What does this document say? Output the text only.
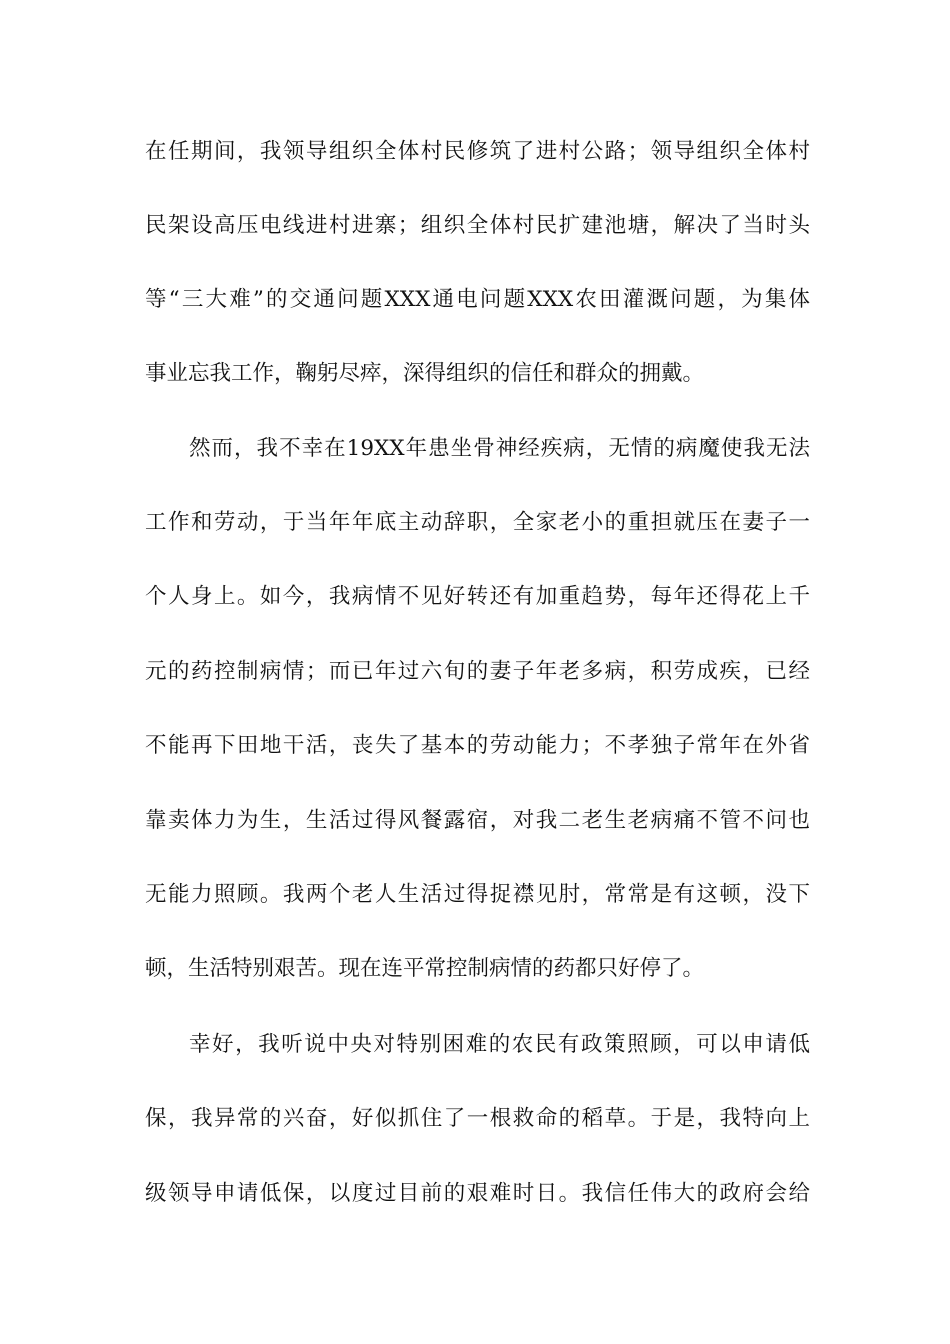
在任期间，我领导组织全体村民修筑了进村公路；领导组织全体村
民架设高压电线进村进寨；组织全体村民扩建池塘，解决了当时头
等“三大难”的交通问题XXX通电问题XXX农田灌溉问题，为集体
事业忘我工作，鞠躬尽瘁，深得组织的信任和群众的拥戴。
然而，我不幸在19XX年患坐骨神经疾病，无情的病魔使我无法
工作和劳动，于当年年底主动辞职，全家老小的重担就压在妻子一
个人身上。如今，我病情不见好转还有加重趋势，每年还得花上千
元的药控制病情；而已年过六旬的妻子年老多病，积劳成疾，已经
不能再下田地干活，丧失了基本的劳动能力；不孝独子常年在外省
靠卖体力为生，生活过得风餐露宿，对我二老生老病痛不管不问也
无能力照顾。我两个老人生活过得捉襟见肘，常常是有这顿，没下
顿，生活特别艰苦。现在连平常控制病情的药都只好停了。
幸好，我听说中央对特别困难的农民有政策照顾，可以申请低
保，我异常的兴奋，好似抓住了一根救命的稻草。于是，我特向上
级领导申请低保，以度过目前的艰难时日。我信任伟大的政府会给
